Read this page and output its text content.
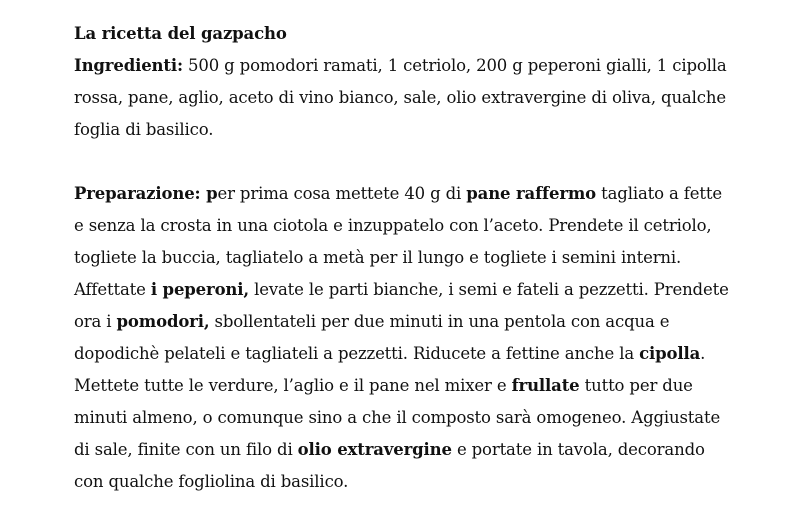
La ricetta del gazpacho

Ingredienti: 500 g pomodori ramati, 1 cetriolo, 200 g peperoni gialli, 1 cipolla rossa, pane, aglio, aceto di vino bianco, sale, olio extravergine di oliva, qualche foglia di basilico.

Preparazione: per prima cosa mettete 40 g di pane raffermo tagliato a fette e senza la crosta in una ciotola e inzuppatelo con l’aceto. Prendete il cetriolo, togliete la buccia, tagliatelo a metà per il lungo e togliete i semini interni. Affettate i peperoni, levate le parti bianche, i semi e fateli a pezzetti. Prendete ora i pomodori, sbollentateli per due minuti in una pentola con acqua e dopodichè pelateli e tagliateli a pezzetti. Riducete a fettine anche la cipolla. Mettete tutte le verdure, l’aglio e il pane nel mixer e frullate tutto per due minuti almeno, o comunque sino a che il composto sarà omogeneo. Aggiustate di sale, finite con un filo di olio extravergine e portate in tavola, decorando con qualche fogliolina di basilico.
